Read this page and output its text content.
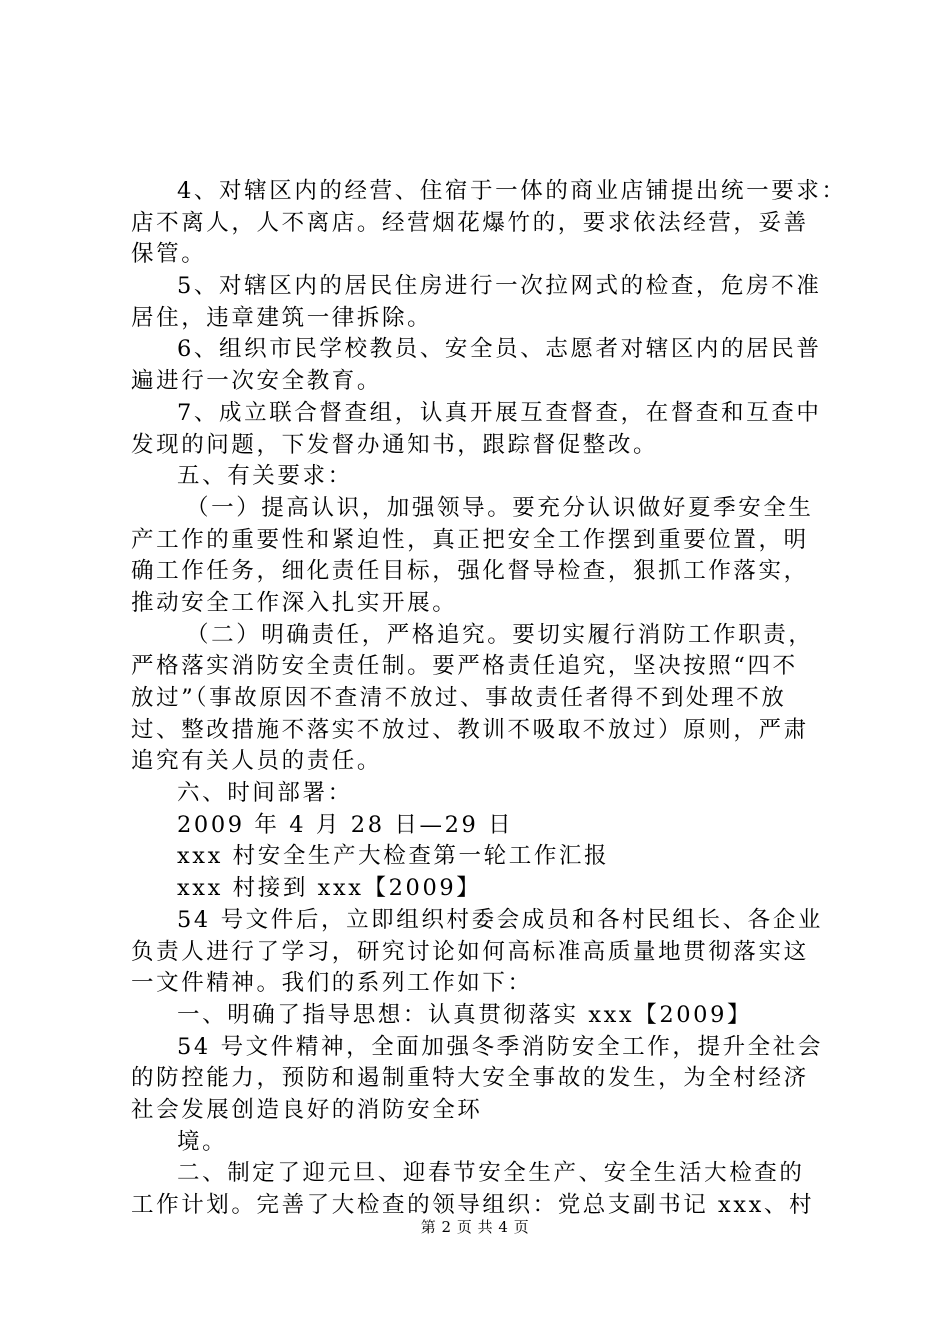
4、对辖区内的经营、住宿于一体的商业店铺提出统一要求：
店不离人，人不离店。经营烟花爆竹的，要求依法经营，妥善
保管。
5、对辖区内的居民住房进行一次拉网式的检查，危房不准
居住，违章建筑一律拆除。
6、组织市民学校教员、安全员、志愿者对辖区内的居民普
遍进行一次安全教育。
7、成立联合督查组，认真开展互查督查，在督查和互查中
发现的问题，下发督办通知书，跟踪督促整改。
五、有关要求：
（一）提高认识，加强领导。要充分认识做好夏季安全生
产工作的重要性和紧迫性，真正把安全工作摆到重要位置，明
确工作任务，细化责任目标，强化督导检查，狠抓工作落实，
推动安全工作深入扎实开展。
（二）明确责任，严格追究。要切实履行消防工作职责，
严格落实消防安全责任制。要严格责任追究，坚决按照“四不
放过”（事故原因不查清不放过、事故责任者得不到处理不放
过、整改措施不落实不放过、教训不吸取不放过）原则，严肃
追究有关人员的责任。
六、时间部署：
2009 年 4 月 28 日—29 日
xxx 村安全生产大检查第一轮工作汇报
xxx 村接到 xxx【2009】
54 号文件后，立即组织村委会成员和各村民组长、各企业
负责人进行了学习，研究讨论如何高标准高质量地贯彻落实这
一文件精神。我们的系列工作如下：
一、明确了指导思想：认真贯彻落实 xxx【2009】
54 号文件精神，全面加强冬季消防安全工作，提升全社会
的防控能力，预防和遏制重特大安全事故的发生，为全村经济
社会发展创造良好的消防安全环
境。
二、制定了迎元旦、迎春节安全生产、安全生活大检查的
工作计划。完善了大检查的领导组织：党总支副书记 xxx、村
第 2 页 共 4 页
